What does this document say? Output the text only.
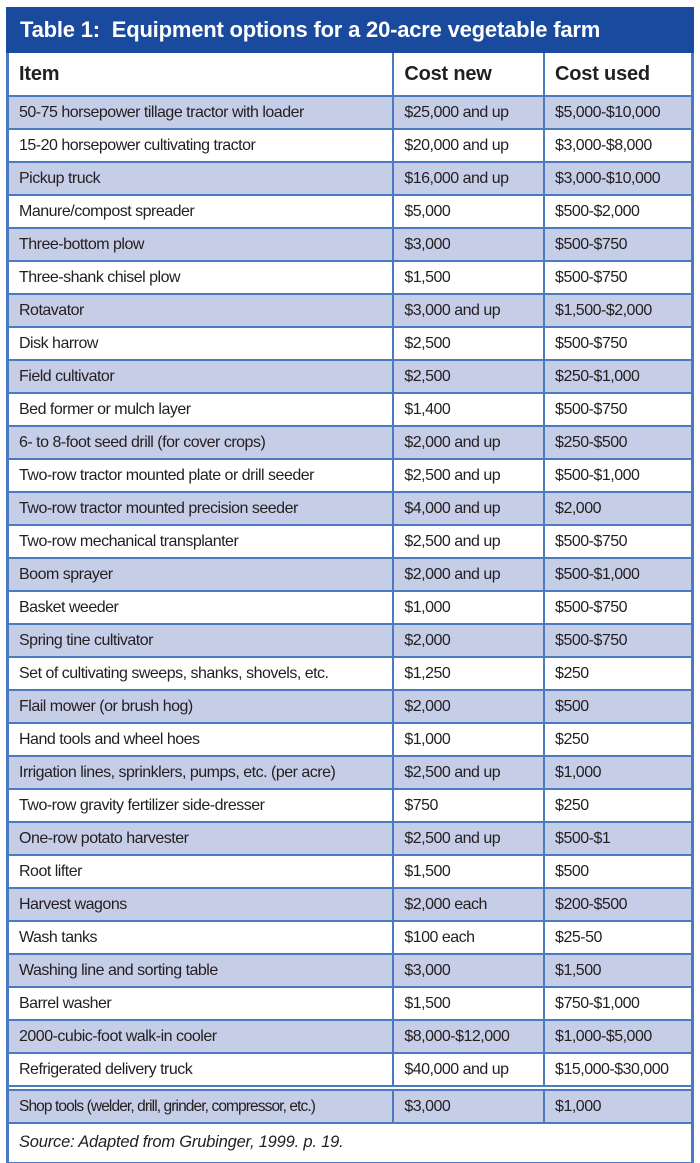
Table 1:  Equipment options for a 20-acre vegetable farm
Item	Cost new	Cost used
50-75 horsepower tillage tractor with loader	$25,000 and up	$5,000-$10,000
15-20 horsepower cultivating tractor	$20,000 and up	$3,000-$8,000
Pickup truck	$16,000 and up	$3,000-$10,000
Manure/compost spreader	$5,000	$500-$2,000
Three-bottom plow	$3,000	$500-$750
Three-shank chisel plow	$1,500	$500-$750
Rotavator	$3,000 and up	$1,500-$2,000
Disk harrow	$2,500	$500-$750
Field cultivator	$2,500	$250-$1,000
Bed former or mulch layer	$1,400	$500-$750
6- to 8-foot seed drill (for cover crops)	$2,000 and up	$250-$500
Two-row tractor mounted plate or drill seeder	$2,500 and up	$500-$1,000
Two-row tractor mounted precision seeder	$4,000 and up	$2,000
Two-row mechanical transplanter	$2,500 and up	$500-$750
Boom sprayer	$2,000 and up	$500-$1,000
Basket weeder	$1,000	$500-$750
Spring tine cultivator	$2,000	$500-$750
Set of cultivating sweeps, shanks, shovels, etc.	$1,250	$250
Flail mower (or brush hog)	$2,000	$500
Hand tools and wheel hoes	$1,000	$250
Irrigation lines, sprinklers, pumps, etc. (per acre)	$2,500 and up	$1,000
Two-row gravity fertilizer side-dresser	$750	$250
One-row potato harvester	$2,500 and up	$500-$1
Root lifter	$1,500	$500
Harvest wagons	$2,000 each	$200-$500
Wash tanks	$100 each	$25-50
Washing line and sorting table	$3,000	$1,500
Barrel washer	$1,500	$750-$1,000
2000-cubic-foot walk-in cooler	$8,000-$12,000	$1,000-$5,000
Refrigerated delivery truck	$40,000 and up	$15,000-$30,000
Shop tools (welder, drill, grinder, compressor, etc.)	$3,000	$1,000
Source: Adapted from Grubinger, 1999. p. 19.
